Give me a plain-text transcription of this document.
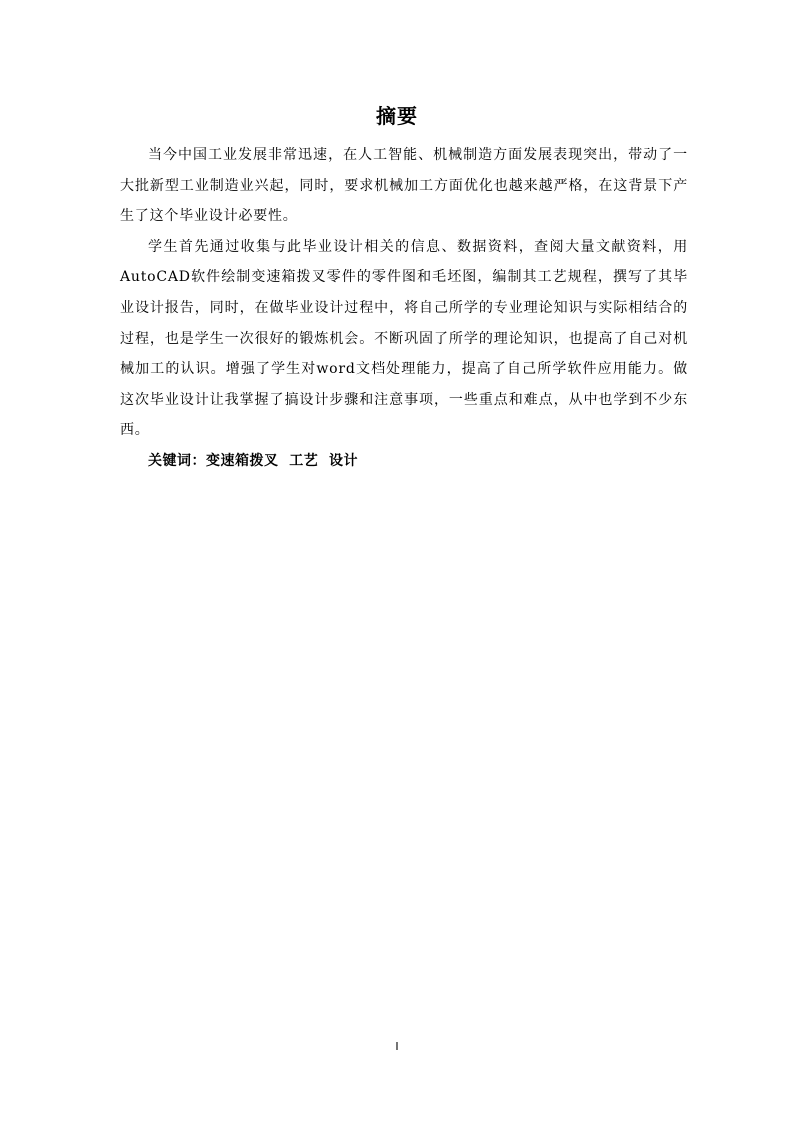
摘要

当今中国工业发展非常迅速，在人工智能、机械制造方面发展表现突出，带动了一大批新型工业制造业兴起，同时，要求机械加工方面优化也越来越严格，在这背景下产生了这个毕业设计必要性。

学生首先通过收集与此毕业设计相关的信息、数据资料，查阅大量文献资料，用AutoCAD软件绘制变速箱拨叉零件的零件图和毛坯图，编制其工艺规程，撰写了其毕业设计报告，同时，在做毕业设计过程中，将自己所学的专业理论知识与实际相结合的过程，也是学生一次很好的锻炼机会。不断巩固了所学的理论知识，也提高了自己对机械加工的认识。增强了学生对word文档处理能力，提高了自己所学软件应用能力。做这次毕业设计让我掌握了搞设计步骤和注意事项，一些重点和难点，从中也学到不少东西。

关键词：变速箱拨叉  工艺  设计

I
